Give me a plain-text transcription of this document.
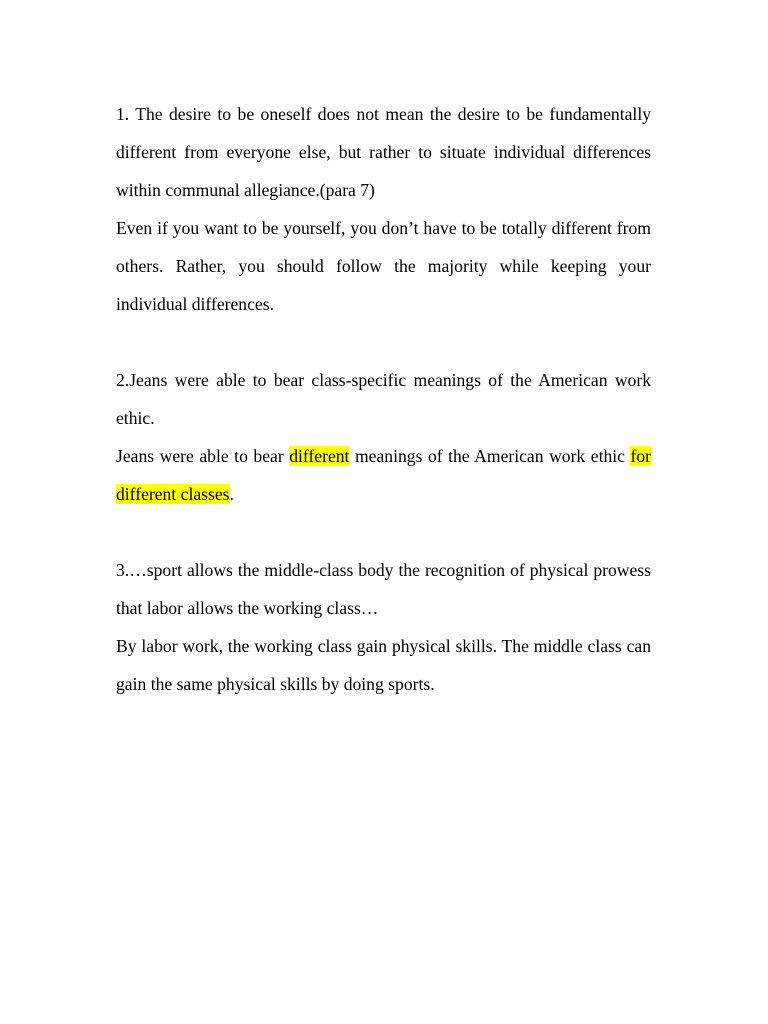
1. The desire to be oneself does not mean the desire to be fundamentally different from everyone else, but rather to situate individual differences within communal allegiance.(para 7)

Even if you want to be yourself, you don’t have to be totally different from others. Rather, you should follow the majority while keeping your individual differences.

2.Jeans were able to bear class-specific meanings of the American work ethic.

Jeans were able to bear different meanings of the American work ethic for different classes.

3.…sport allows the middle-class body the recognition of physical prowess that labor allows the working class…

By labor work, the working class gain physical skills. The middle class can gain the same physical skills by doing sports.
